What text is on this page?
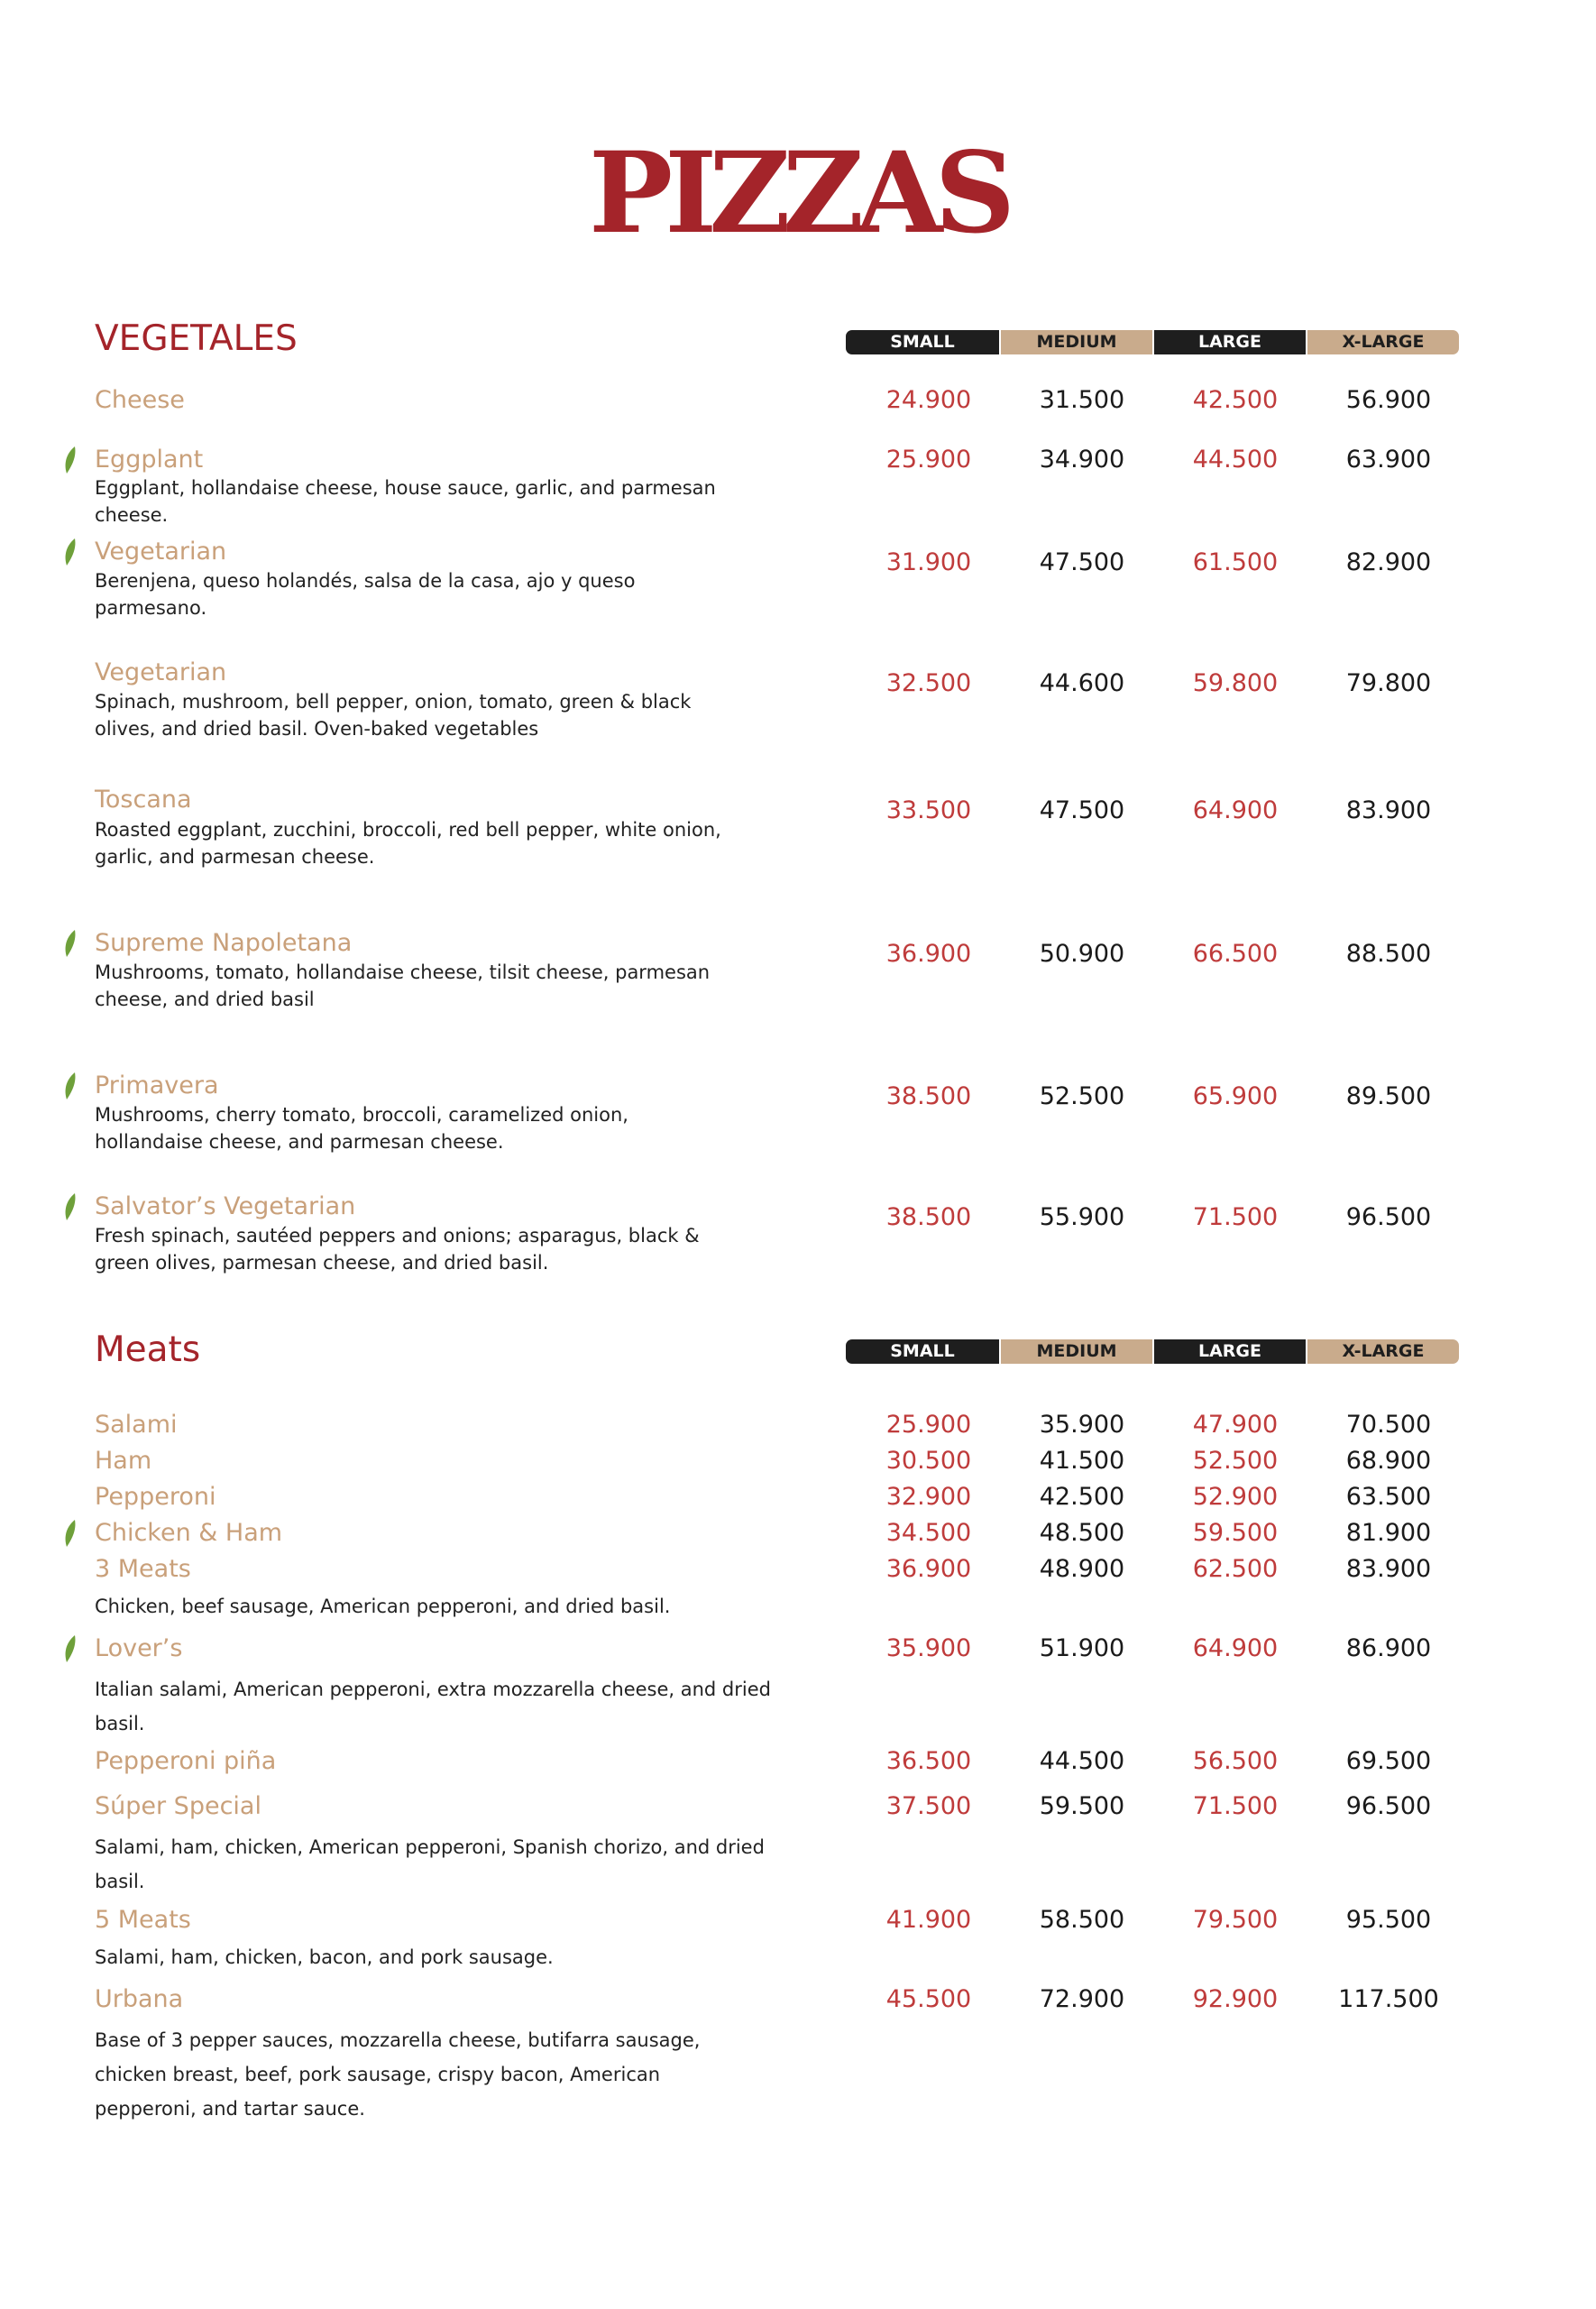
PIZZAS
VEGETALES	SMALL	MEDIUM	LARGE	X-LARGE
Cheese	24.900	31.500	42.500	56.900
Eggplant
Eggplant, hollandaise cheese, house sauce, garlic, and parmesan cheese.
25.900	34.900	44.500	63.900
Vegetarian
Berenjena, queso holandés, salsa de la casa, ajo y queso parmesano.
31.900	47.500	61.500	82.900
Vegetarian
Spinach, mushroom, bell pepper, onion, tomato, green & black olives, and dried basil. Oven-baked vegetables
32.500	44.600	59.800	79.800
Toscana
Roasted eggplant, zucchini, broccoli, red bell pepper, white onion, garlic, and parmesan cheese.
33.500	47.500	64.900	83.900
Supreme Napoletana
Mushrooms, tomato, hollandaise cheese, tilsit cheese, parmesan cheese, and dried basil
36.900	50.900	66.500	88.500
Primavera
Mushrooms, cherry tomato, broccoli, caramelized onion, hollandaise cheese, and parmesan cheese.
38.500	52.500	65.900	89.500
Salvator’s Vegetarian
Fresh spinach, sautéed peppers and onions; asparagus, black & green olives, parmesan cheese, and dried basil.
38.500	55.900	71.500	96.500
Meats	SMALL	MEDIUM	LARGE	X-LARGE
Salami	25.900	35.900	47.900	70.500
Ham	30.500	41.500	52.500	68.900
Pepperoni	32.900	42.500	52.900	63.500
Chicken & Ham	34.500	48.500	59.500	81.900
3 Meats
Chicken, beef sausage, American pepperoni, and dried basil.
36.900	48.900	62.500	83.900
Lover’s
Italian salami, American pepperoni, extra mozzarella cheese, and dried basil.
35.900	51.900	64.900	86.900
Pepperoni piña	36.500	44.500	56.500	69.500
Súper Special
Salami, ham, chicken, American pepperoni, Spanish chorizo, and dried basil.
37.500	59.500	71.500	96.500
5 Meats
Salami, ham, chicken, bacon, and pork sausage.
41.900	58.500	79.500	95.500
Urbana
Base of 3 pepper sauces, mozzarella cheese, butifarra sausage, chicken breast, beef, pork sausage, crispy bacon, American pepperoni, and tartar sauce.
45.500	72.900	92.900	117.500
